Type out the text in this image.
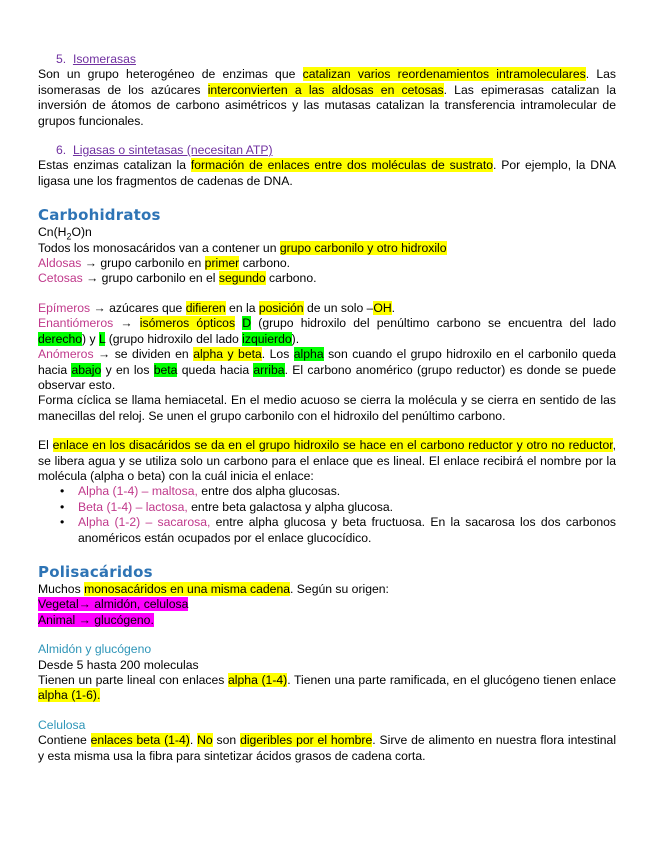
5. Isomerasas

Son un grupo heterogéneo de enzimas que catalizan varios reordenamientos intramoleculares. Las isomerasas de los azúcares interconvierten a las aldosas en cetosas. Las epimerasas catalizan la inversión de átomos de carbono asimétricos y las mutasas catalizan la transferencia intramolecular de grupos funcionales.

6. Ligasas o sintetasas (necesitan ATP)

Estas enzimas catalizan la formación de enlaces entre dos moléculas de sustrato. Por ejemplo, la DNA ligasa une los fragmentos de cadenas de DNA.

Carbohidratos

$Cn(H_2O)n$

Todos los monosacáridos van a contener un grupo carbonilo y otro hidroxilo

Aldosas → grupo carbonilo en primer carbono.

Cetosas → grupo carbonilo en el segundo carbono.

Epímeros → azúcares que difieren en la posición de un solo –OH.

Enantiómeros → isómeros ópticos D (grupo hidroxilo del penúltimo carbono se encuentra del lado derecho) y L (grupo hidroxilo del lado izquierdo).

Anómeros → se dividen en alpha y beta. Los alpha son cuando el grupo hidroxilo en el carbonilo queda hacia abajo y en los beta queda hacia arriba. El carbono anomérico (grupo reductor) es donde se puede observar esto.

Forma cíclica se llama hemiacetal. En el medio acuoso se cierra la molécula y se cierra en sentido de las manecillas del reloj. Se unen el grupo carbonilo con el hidroxilo del penúltimo carbono.

El enlace en los disacáridos se da en el grupo hidroxilo se hace en el carbono reductor y otro no reductor, se libera agua y se utiliza solo un carbono para el enlace que es lineal. El enlace recibirá el nombre por la molécula (alpha o beta) con la cuál inicia el enlace:

• Alpha (1-4) – maltosa, entre dos alpha glucosas.
• Beta (1-4) – lactosa, entre beta galactosa y alpha glucosa.
• Alpha (1-2) – sacarosa, entre alpha glucosa y beta fructuosa. En la sacarosa los dos carbonos anoméricos están ocupados por el enlace glucocídico.
Polisacáridos

Muchos monosacáridos en una misma cadena. Según su origen:

Vegetal→ almidón, celulosa

Animal → glucógeno.

Almidón y glucógeno

Desde 5 hasta 200 moleculas

Tienen un parte lineal con enlaces alpha (1-4). Tienen una parte ramificada, en el glucógeno tienen enlace alpha (1-6).

Celulosa

Contiene enlaces beta (1-4). No son digeribles por el hombre. Sirve de alimento en nuestra flora intestinal y esta misma usa la fibra para sintetizar ácidos grasos de cadena corta.
